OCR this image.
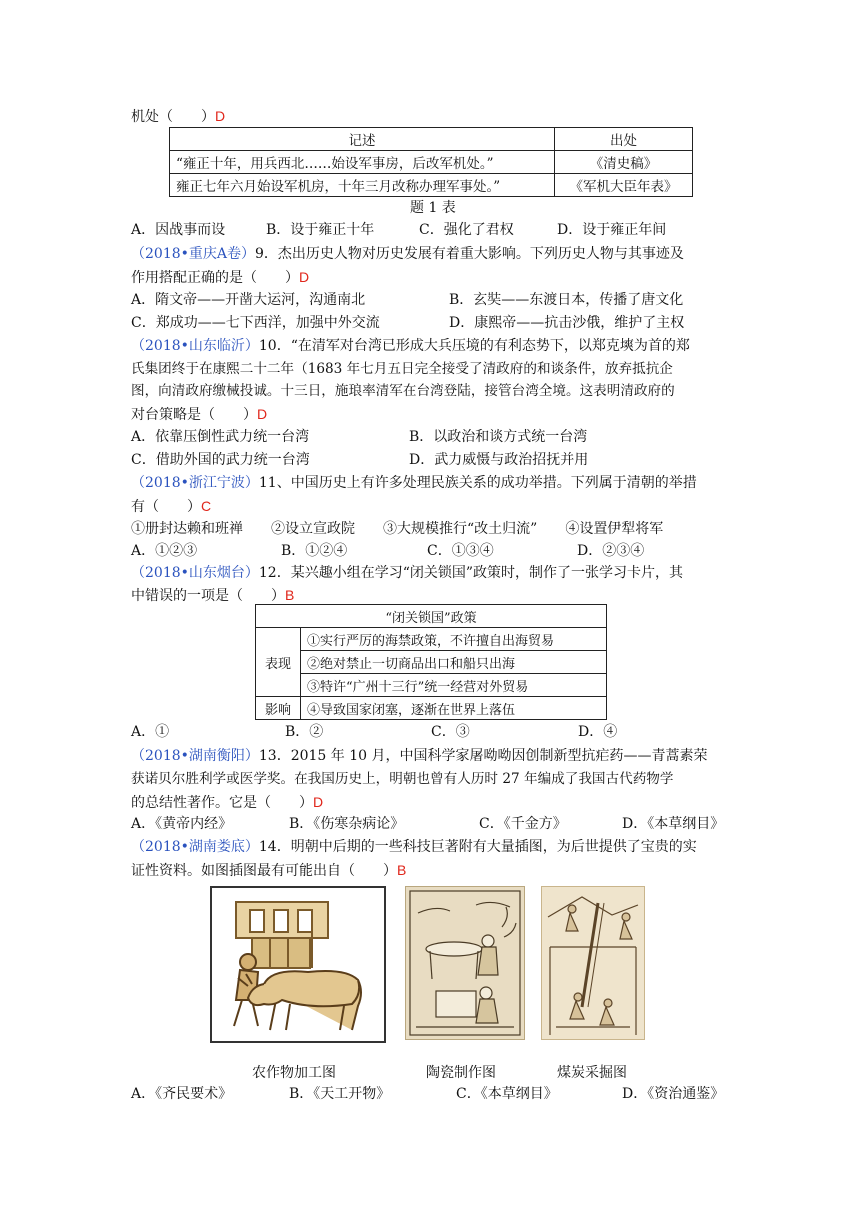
机处（　　）D
记述	出处
“雍正十年，用兵西北……始设军事房，后改军机处。”	《清史稿》
雍正七年六月始设军机房，十年三月改称办理军事处。”	《军机大臣年表》
题 1 表
A．因战事而设	B．设于雍正十年	C．强化了君权	D．设于雍正年间
（2018•重庆A卷）9．杰出历史人物对历史发展有着重大影响。下列历史人物与其事迹及
作用搭配正确的是（　　）D
A．隋文帝——开凿大运河，沟通南北	B．玄奘——东渡日本，传播了唐文化
C．郑成功——七下西洋，加强中外交流	D．康熙帝——抗击沙俄，维护了主权
（2018•山东临沂）10．“在清军对台湾已形成大兵压境的有利态势下，以郑克塽为首的郑
氏集团终于在康熙二十二年（1683 年七月五日完全接受了清政府的和谈条件，放弃抵抗企
图，向清政府缴械投诚。十三日，施琅率清军在台湾登陆，接管台湾全境。这表明清政府的
对台策略是（　　）D
A．依靠压倒性武力统一台湾	B．以政治和谈方式统一台湾
C．借助外国的武力统一台湾	D．武力威慑与政治招抚并用
（2018•浙江宁波）11、中国历史上有许多处理民族关系的成功举措。下列属于清朝的举措
有（　　）C
①册封达赖和班禅　　②设立宣政院　　③大规模推行“改土归流”　　④设置伊犁将军
A．①②③	B．①②④	C．①③④	D．②③④
（2018•山东烟台）12．某兴趣小组在学习“闭关锁国”政策时，制作了一张学习卡片，其
中错误的一项是（　　）B
“闭关锁国”政策	
表现	①实行严厉的海禁政策，不许擅自出海贸易
	②绝对禁止一切商品出口和船只出海
	③特许“广州十三行”统一经营对外贸易
影响	④导致国家闭塞，逐渐在世界上落伍
A．①	B．②	C．③	D．④
（2018•湖南衡阳）13．2015 年 10 月，中国科学家屠呦呦因创制新型抗疟药——青蒿素荣
获诺贝尔胜利学或医学奖。在我国历史上，明朝也曾有人历时 27 年编成了我国古代药物学
的总结性著作。它是（　　）D
A．《黄帝内经》	B．《伤寒杂病论》	C．《千金方》	D．《本草纲目》
（2018•湖南娄底）14．明朝中后期的一些科技巨著附有大量插图，为后世提供了宝贵的实
证性资料。如图插图最有可能出自（　　）B
农作物加工图	陶瓷制作图	煤炭采掘图
A．《齐民要术》	B．《天工开物》	C．《本草纲目》	D．《资治通鉴》
